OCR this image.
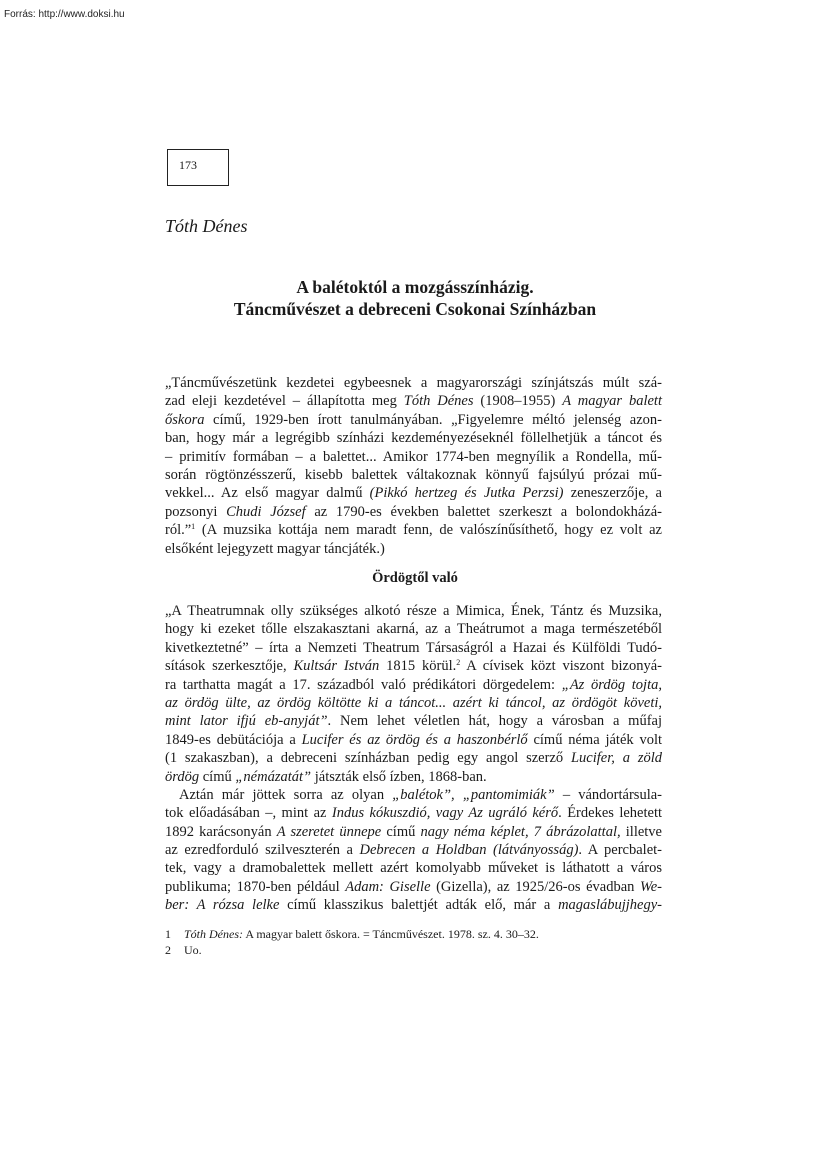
Forrás: http://www.doksi.hu
173
Tóth Dénes
A balétoktól a mozgásszínházig.
Táncművészet a debreceni Csokonai Színházban
„Táncművészetünk kezdetei egybeesnek a magyarországi színjátszás múlt szá-
zad eleji kezdetével – állapította meg Tóth Dénes (1908–1955) A magyar balett
őskora című, 1929-ben írott tanulmányában. „Figyelemre méltó jelenség azon-
ban, hogy már a legrégibb színházi kezdeményezéseknél föllelhetjük a táncot és
– primitív formában – a balettet... Amikor 1774-ben megnyílik a Rondella, mű-
során rögtönzésszerű, kisebb balettek váltakoznak könnyű fajsúlyú prózai mű-
vekkel... Az első magyar dalmű (Pikkó hertzeg és Jutka Perzsi) zeneszerzője, a
pozsonyi Chudi József az 1790-es években balettet szerkeszt a bolondokházá-
ról.”$^1$ (A muzsika kottája nem maradt fenn, de valószínűsíthető, hogy ez volt az
elsőként lejegyzett magyar táncjáték.)
Ördögtől való
„A Theatrumnak olly szükséges alkotó része a Mimica, Ének, Tántz és Muzsika,
hogy ki ezeket tőlle elszakasztani akarná, az a Theátrumot a maga természetéből
kivetkeztetné” – írta a Nemzeti Theatrum Társaságról a Hazai és Külföldi Tudó-
sítások szerkesztője, Kultsár István 1815 körül.$^2$ A cívisek közt viszont bizonyá-
ra tarthatta magát a 17. századból való prédikátori dörgedelem: „Az ördög tojta,
az ördög ülte, az ördög költötte ki a táncot... azért ki táncol, az ördögöt követi,
mint lator ifjú eb-anyját”. Nem lehet véletlen hát, hogy a városban a műfaj
1849-es debütációja a Lucifer és az ördög és a haszonbérlő című néma játék volt
(1 szakaszban), a debreceni színházban pedig egy angol szerző Lucifer, a zöld
ördög című „némázatát” játszták első ízben, 1868-ban.
Aztán már jöttek sorra az olyan „balétok”, „pantomimiák” – vándortársula-
tok előadásában –, mint az Indus kókuszdió, vagy Az ugráló kérő. Érdekes lehetett
1892 karácsonyán A szeretet ünnepe című nagy néma képlet, 7 ábrázolattal, illetve
az ezredforduló szilveszterén a Debrecen a Holdban (látványosság). A percbalet-
tek, vagy a dramobalettek mellett azért komolyabb műveket is láthatott a város
publikuma; 1870-ben például Adam: Giselle (Gizella), az 1925/26-os évadban We-
ber: A rózsa lelke című klasszikus balettjét adták elő, már a magaslábujjhegy-
1 Tóth Dénes: A magyar balett őskora. = Táncművészet. 1978. sz. 4. 30–32.
2 Uo.
